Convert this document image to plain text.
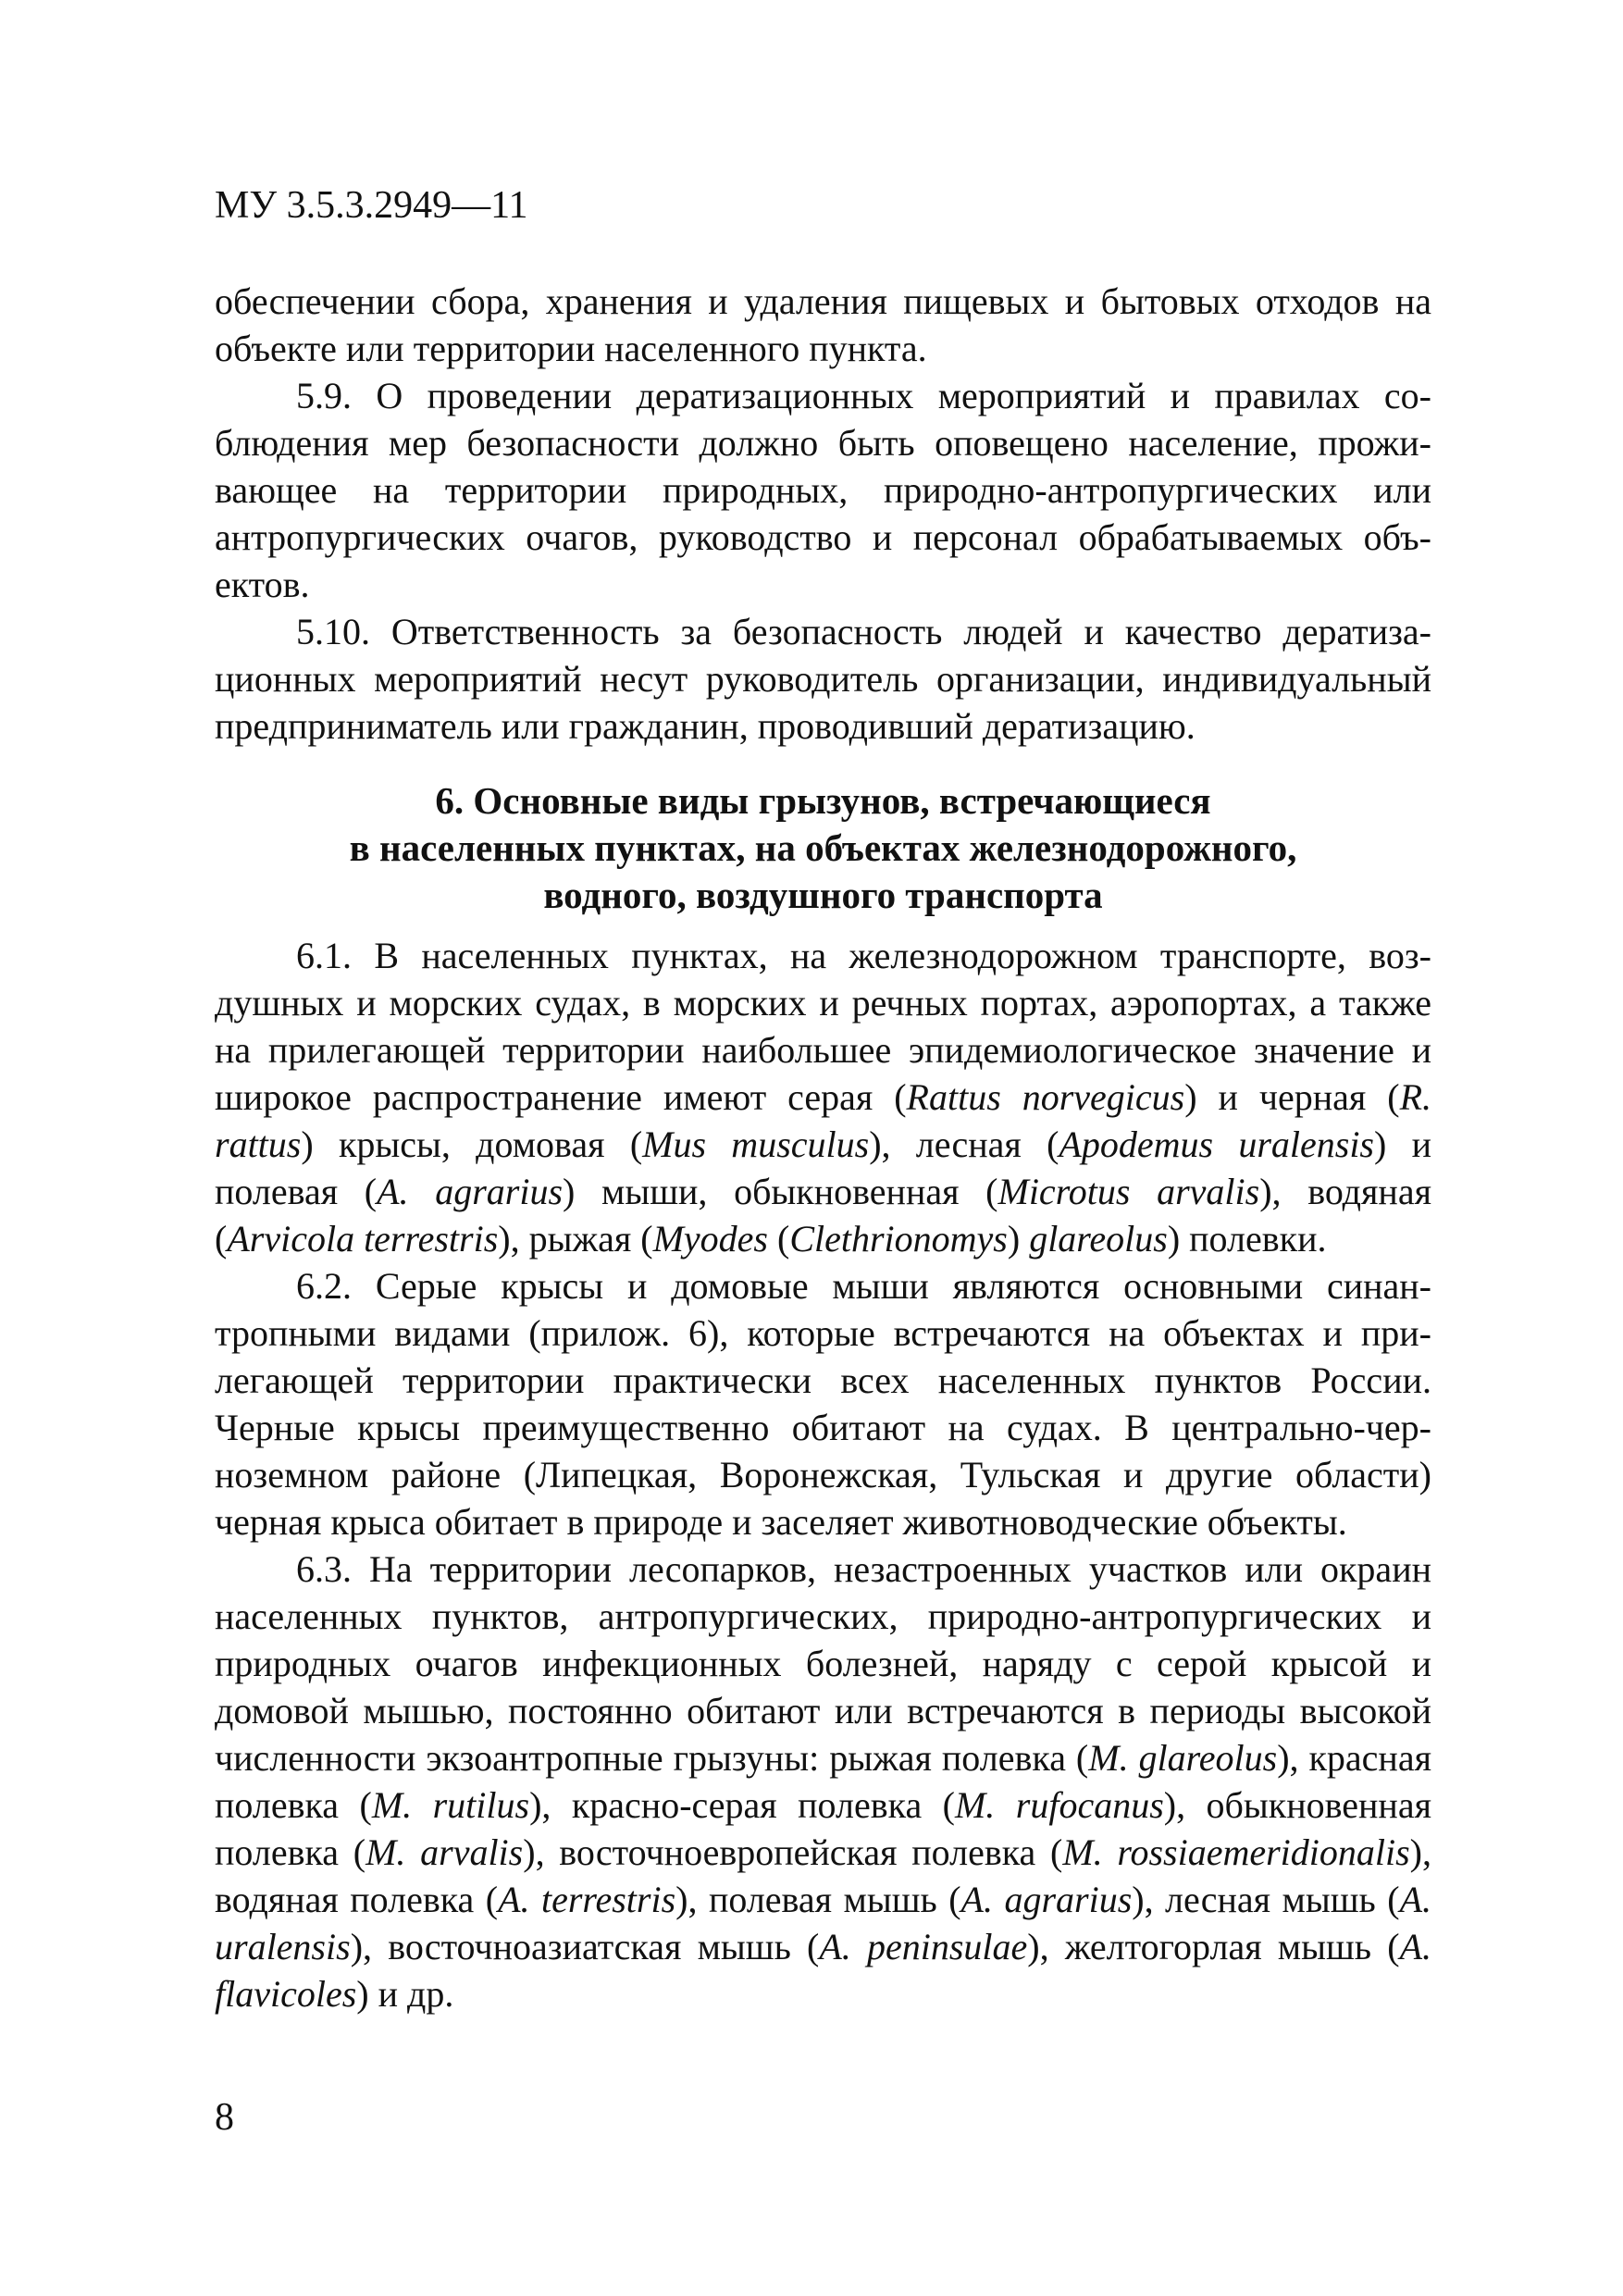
МУ 3.5.3.2949—11

обеспечении сбора, хранения и удаления пищевых и бытовых отходов на объекте или территории населенного пункта.

5.9. О проведении дератизационных мероприятий и правилах соблюдения мер безопасности должно быть оповещено население, проживающее на территории природных, природно-антропургических или антропургических очагов, руководство и персонал обрабатываемых объектов.

5.10. Ответственность за безопасность людей и качество дератизационных мероприятий несут руководитель организации, индивидуальный предприниматель или гражданин, проводивший дератизацию.

6. Основные виды грызунов, встречающиеся
в населенных пунктах, на объектах железнодорожного,
водного, воздушного транспорта

6.1. В населенных пунктах, на железнодорожном транспорте, воздушных и морских судах, в морских и речных портах, аэропортах, а также на прилегающей территории наибольшее эпидемиологическое значение и широкое распространение имеют серая (Rattus norvegicus) и черная (R. rattus) крысы, домовая (Mus musculus), лесная (Apodemus uralensis) и полевая (A. agrarius) мыши, обыкновенная (Microtus arvalis), водяная (Arvicola terrestris), рыжая (Myodes (Clethrionomys) glareolus) полевки.

6.2. Серые крысы и домовые мыши являются основными синантропными видами (прилож. 6), которые встречаются на объектах и прилегающей территории практически всех населенных пунктов России. Черные крысы преимущественно обитают на судах. В центрально-черноземном районе (Липецкая, Воронежская, Тульская и другие области) черная крыса обитает в природе и заселяет животноводческие объекты.

6.3. На территории лесопарков, незастроенных участков или окраин населенных пунктов, антропургических, природно-антропургических и природных очагов инфекционных болезней, наряду с серой крысой и домовой мышью, постоянно обитают или встречаются в периоды высокой численности экзоантропные грызуны: рыжая полевка (M. glareolus), красная полевка (M. rutilus), красно-серая полевка (M. rufocanus), обыкновенная полевка (M. arvalis), восточноевропейская полевка (M. rossiaemeridionalis), водяная полевка (A. terrestris), полевая мышь (A. agrarius), лесная мышь (A. uralensis), восточноазиатская мышь (A. peninsulae), желтогорлая мышь (A. flavicoles) и др.

8
